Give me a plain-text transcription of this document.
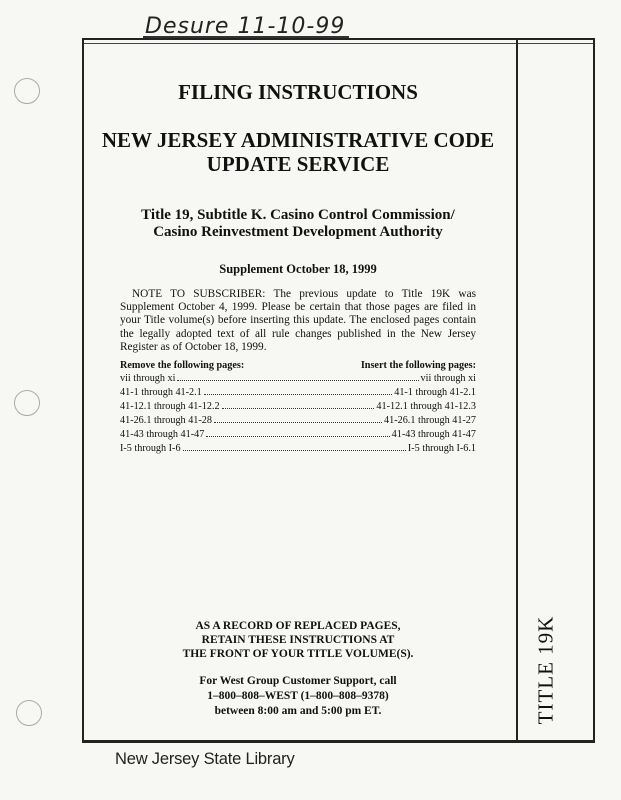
Desure 11-10-99
FILING INSTRUCTIONS
NEW JERSEY ADMINISTRATIVE CODE
UPDATE SERVICE
Title 19, Subtitle K. Casino Control Commission/
Casino Reinvestment Development Authority
Supplement October 18, 1999
NOTE TO SUBSCRIBER: The previous update to Title 19K was Supplement October 4, 1999. Please be certain that those pages are filed in your Title volume(s) before inserting this update. The enclosed pages contain the legally adopted text of all rule changes published in the New Jersey Register as of October 18, 1999.
Remove the following pages:	Insert the following pages:
vii through xi	vii through xi
41-1 through 41-2.1	41-1 through 41-2.1
41-12.1 through 41-12.2	41-12.1 through 41-12.3
41-26.1 through 41-28	41-26.1 through 41-27
41-43 through 41-47	41-43 through 41-47
I-5 through I-6	I-5 through I-6.1
AS A RECORD OF REPLACED PAGES,
RETAIN THESE INSTRUCTIONS AT
THE FRONT OF YOUR TITLE VOLUME(S).
For West Group Customer Support, call
1–800–808–WEST (1–800–808–9378)
between 8:00 am and 5:00 pm ET.	TITLE 19K
New Jersey State Library
